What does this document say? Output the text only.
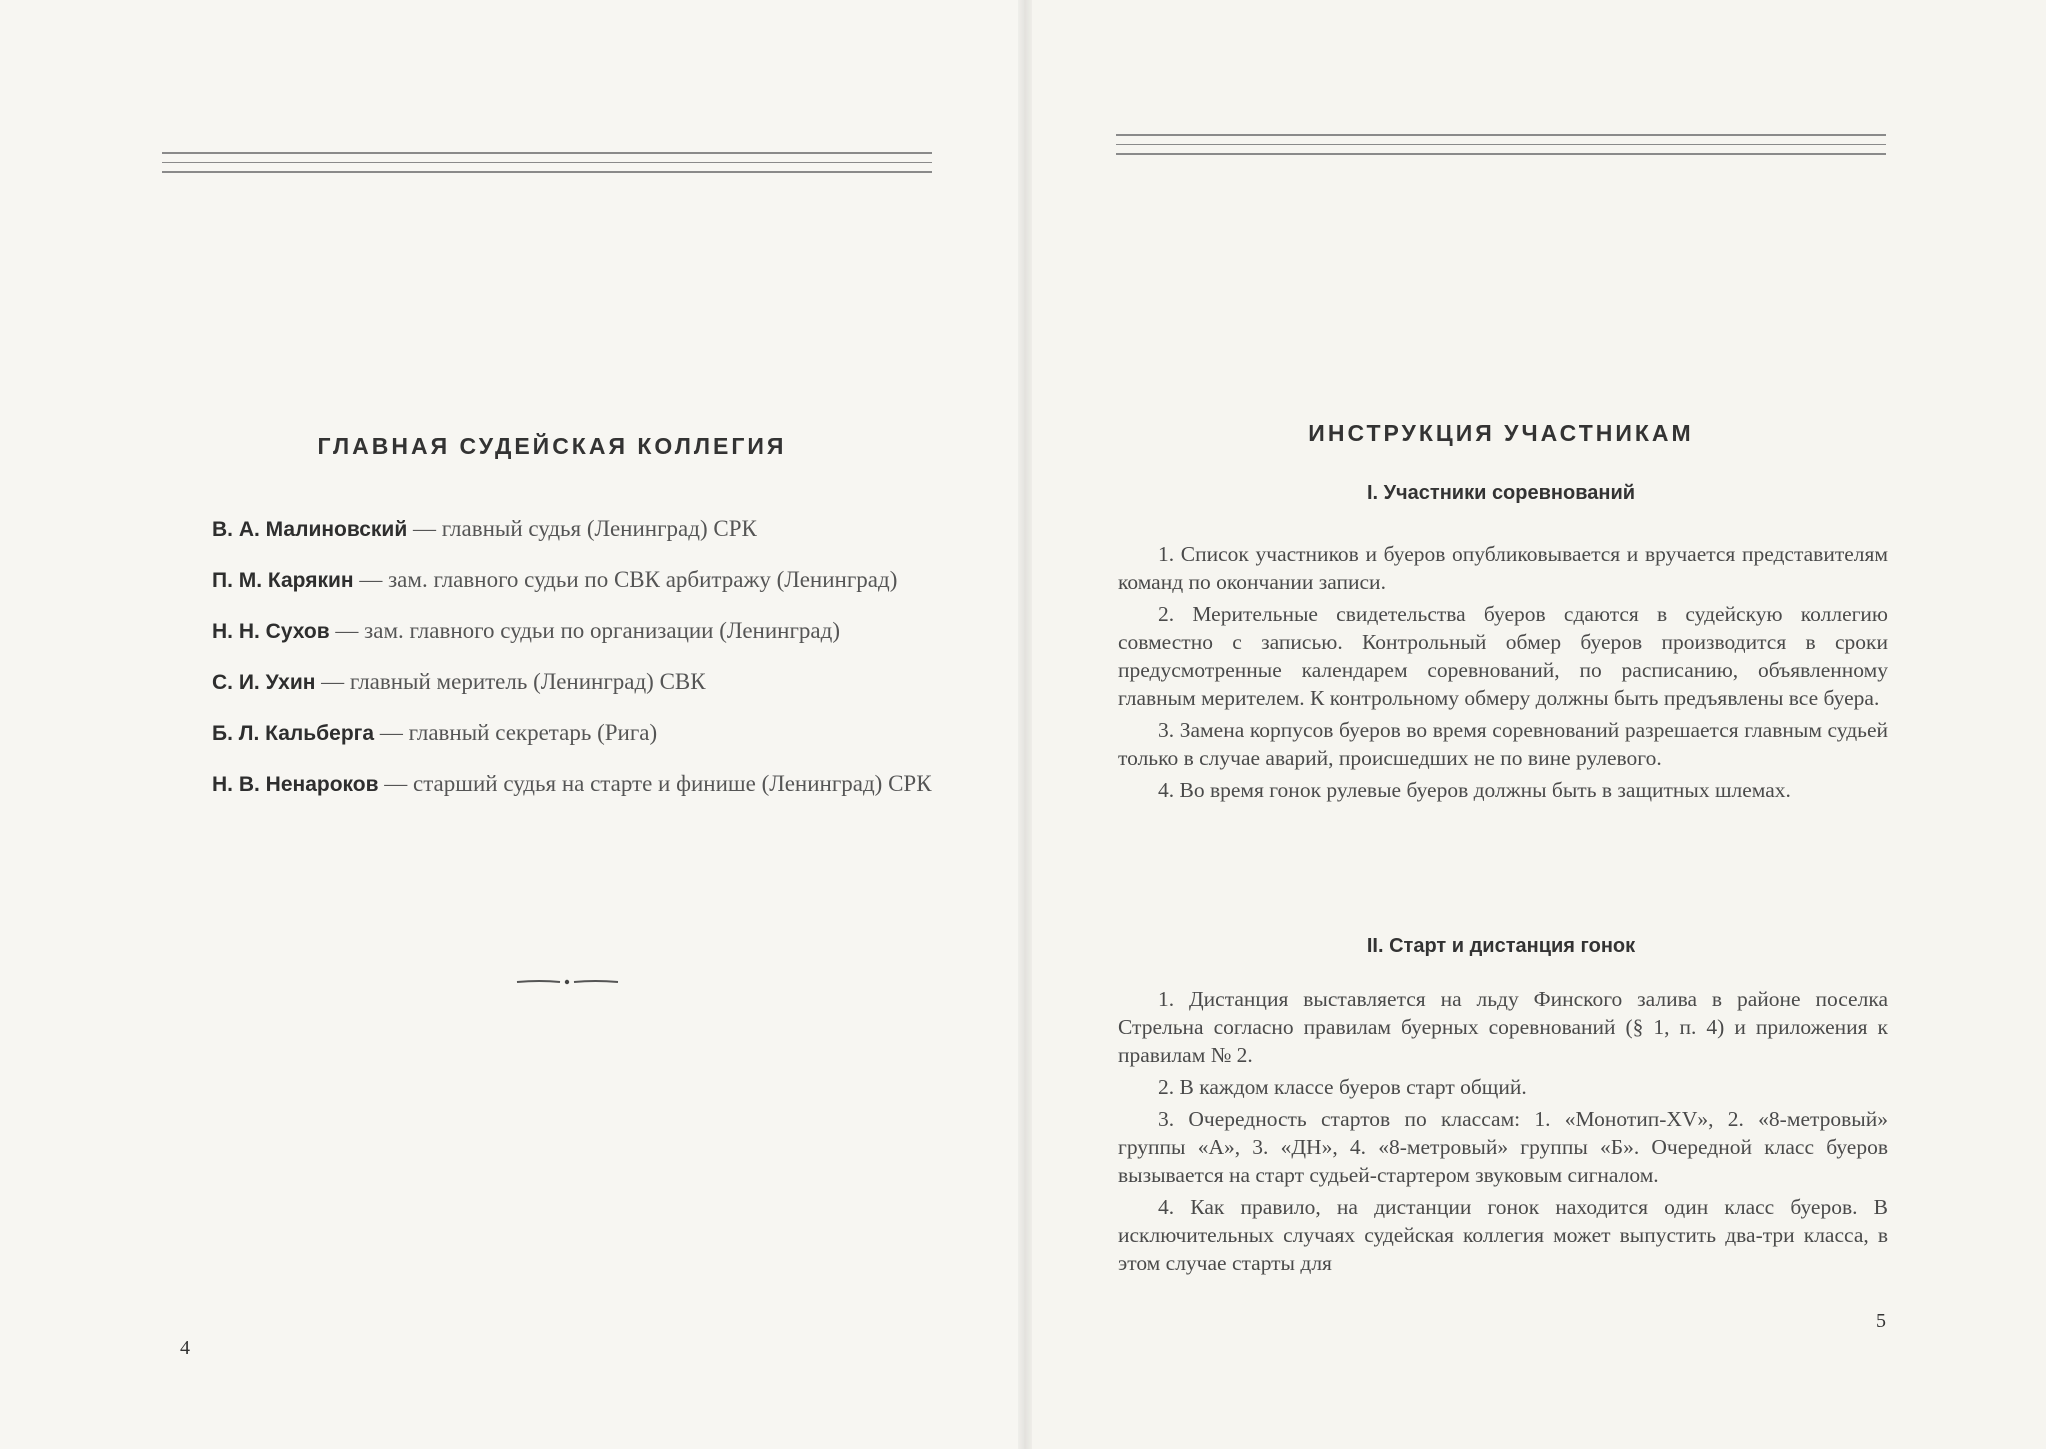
ГЛАВНАЯ СУДЕЙСКАЯ КОЛЛЕГИЯ

В. А. Малиновский — главный судья (Ленинград) СРК

П. М. Карякин — зам. главного судьи по СВК арбитражу (Ленинград)

Н. Н. Сухов — зам. главного судьи по организации (Ленинград)

С. И. Ухин — главный меритель (Ленинград) СВК

Б. Л. Кальберга — главный секретарь (Рига)

Н. В. Ненароков — старший судья на старте и финише (Ленинград) СРК

4
ИНСТРУКЦИЯ УЧАСТНИКАМ
I. Участники соревнований

1. Список участников и буеров опубликовывается и вручается представителям команд по окончании записи.

2. Мерительные свидетельства буеров сдаются в судейскую коллегию совместно с записью. Контрольный обмер буеров производится в сроки предусмотренные календарем соревнований, по расписанию, объявленному главным мерителем. К контрольному обмеру должны быть предъявлены все буера.

3. Замена корпусов буеров во время соревнований разрешается главным судьей только в случае аварий, происшедших не по вине рулевого.

4. Во время гонок рулевые буеров должны быть в защитных шлемах.

II. Старт и дистанция гонок

1. Дистанция выставляется на льду Финского залива в районе поселка Стрельна согласно правилам буерных соревнований (§ 1, п. 4) и приложения к правилам № 2.

2. В каждом классе буеров старт общий.

3. Очередность стартов по классам: 1. «Монотип-XV», 2. «8-метровый» группы «А», 3. «ДН», 4. «8-метровый» группы «Б». Очередной класс буеров вызывается на старт судьей-стартером звуковым сигналом.

4. Как правило, на дистанции гонок находится один класс буеров. В исключительных случаях судейская коллегия может выпустить два-три класса, в этом случае старты для

5
